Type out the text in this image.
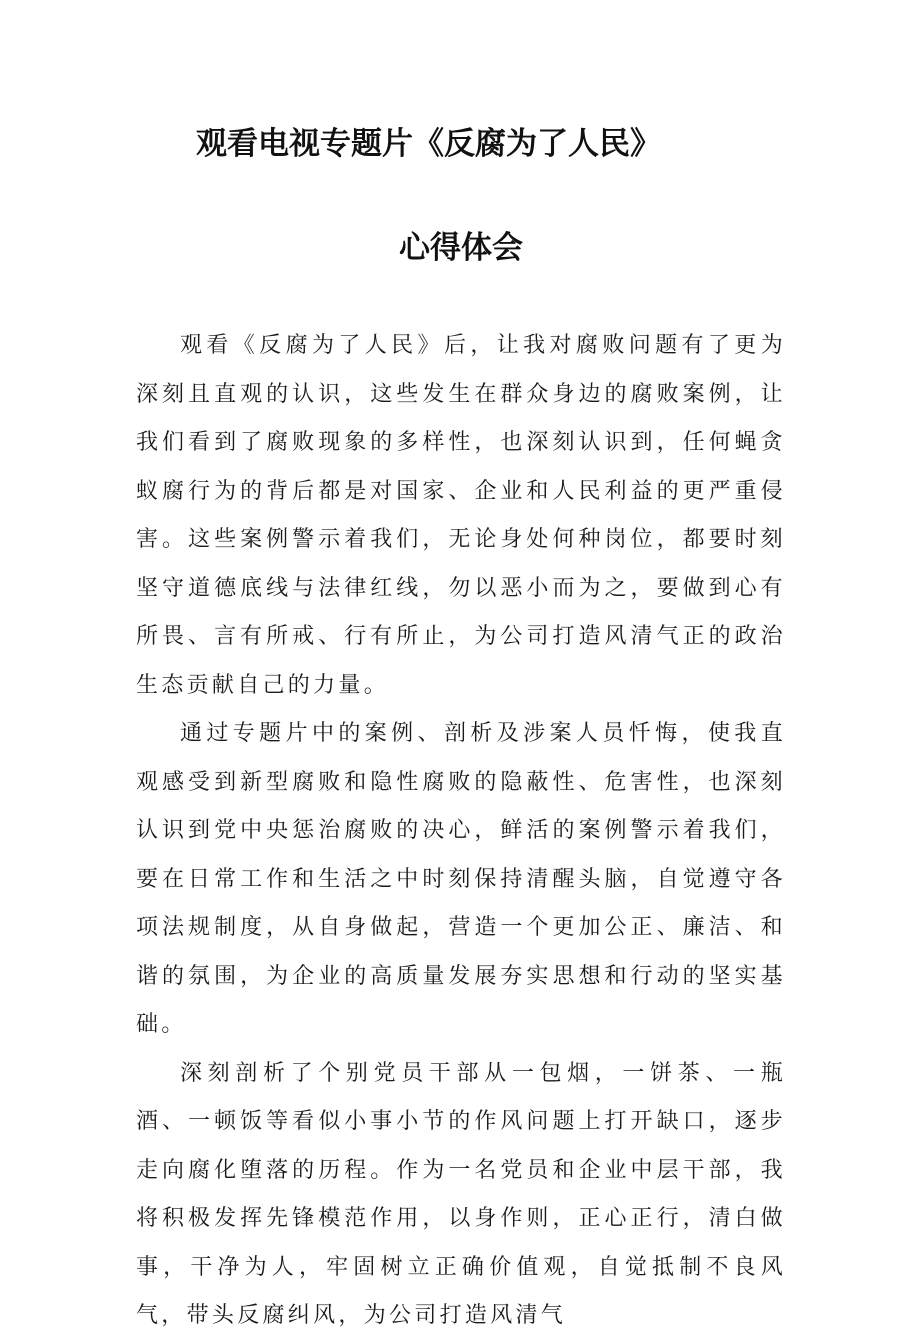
观看电视专题片《反腐为了人民》
心得体会

观看《反腐为了人民》后，让我对腐败问题有了更为深刻且直观的认识，这些发生在群众身边的腐败案例，让我们看到了腐败现象的多样性，也深刻认识到，任何蝇贪蚁腐行为的背后都是对国家、企业和人民利益的更严重侵害。这些案例警示着我们，无论身处何种岗位，都要时刻坚守道德底线与法律红线，勿以恶小而为之，要做到心有所畏、言有所戒、行有所止，为公司打造风清气正的政治生态贡献自己的力量。

通过专题片中的案例、剖析及涉案人员忏悔，使我直观感受到新型腐败和隐性腐败的隐蔽性、危害性，也深刻认识到党中央惩治腐败的决心，鲜活的案例警示着我们，要在日常工作和生活之中时刻保持清醒头脑，自觉遵守各项法规制度，从自身做起，营造一个更加公正、廉洁、和谐的氛围，为企业的高质量发展夯实思想和行动的坚实基础。

深刻剖析了个别党员干部从一包烟，一饼茶、一瓶酒、一顿饭等看似小事小节的作风问题上打开缺口，逐步走向腐化堕落的历程。作为一名党员和企业中层干部，我将积极发挥先锋模范作用，以身作则，正心正行，清白做事，干净为人，牢固树立正确价值观，自觉抵制不良风气，带头反腐纠风，为公司打造风清气
